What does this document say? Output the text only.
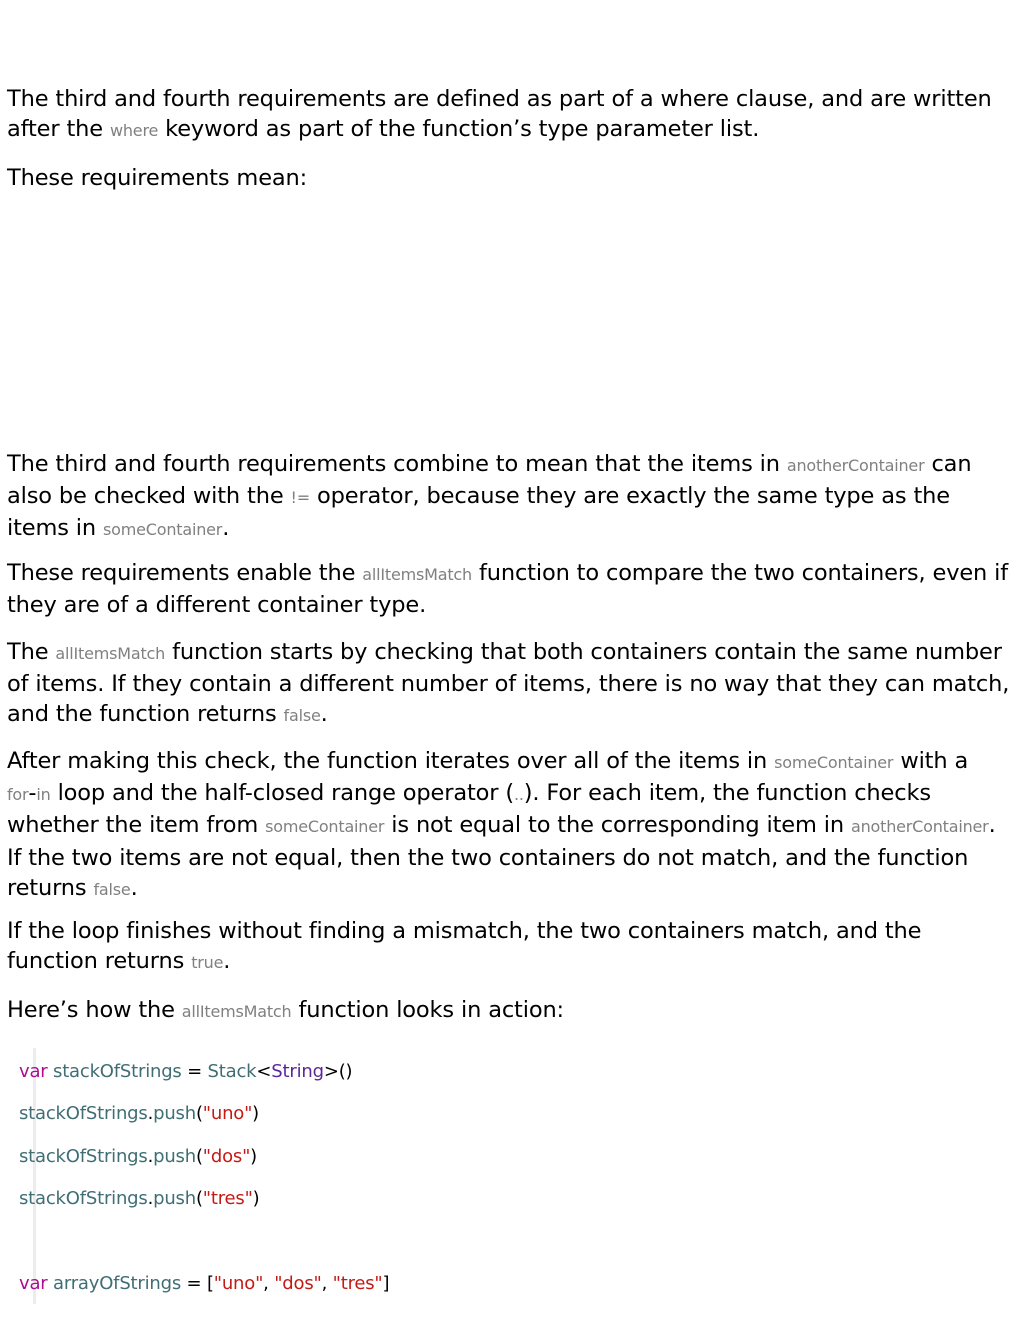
The third and fourth requirements are defined as part of a where clause, and are written
after the where keyword as part of the function’s type parameter list.

These requirements mean:

The third and fourth requirements combine to mean that the items in anotherContainer can
also be checked with the != operator, because they are exactly the same type as the
items in someContainer.

These requirements enable the allItemsMatch function to compare the two containers, even if
they are of a different container type.

The allItemsMatch function starts by checking that both containers contain the same number
of items. If they contain a different number of items, there is no way that they can match,
and the function returns false.

After making this check, the function iterates over all of the items in someContainer with a
for-in loop and the half-closed range operator (..). For each item, the function checks
whether the item from someContainer is not equal to the corresponding item in anotherContainer.
If the two items are not equal, then the two containers do not match, and the function
returns false.

If the loop finishes without finding a mismatch, the two containers match, and the
function returns true.

Here’s how the allItemsMatch function looks in action:

var stackOfStrings = Stack<String>()
stackOfStrings.push("uno")
stackOfStrings.push("dos")
stackOfStrings.push("tres")
var arrayOfStrings = ["uno", "dos", "tres"]
